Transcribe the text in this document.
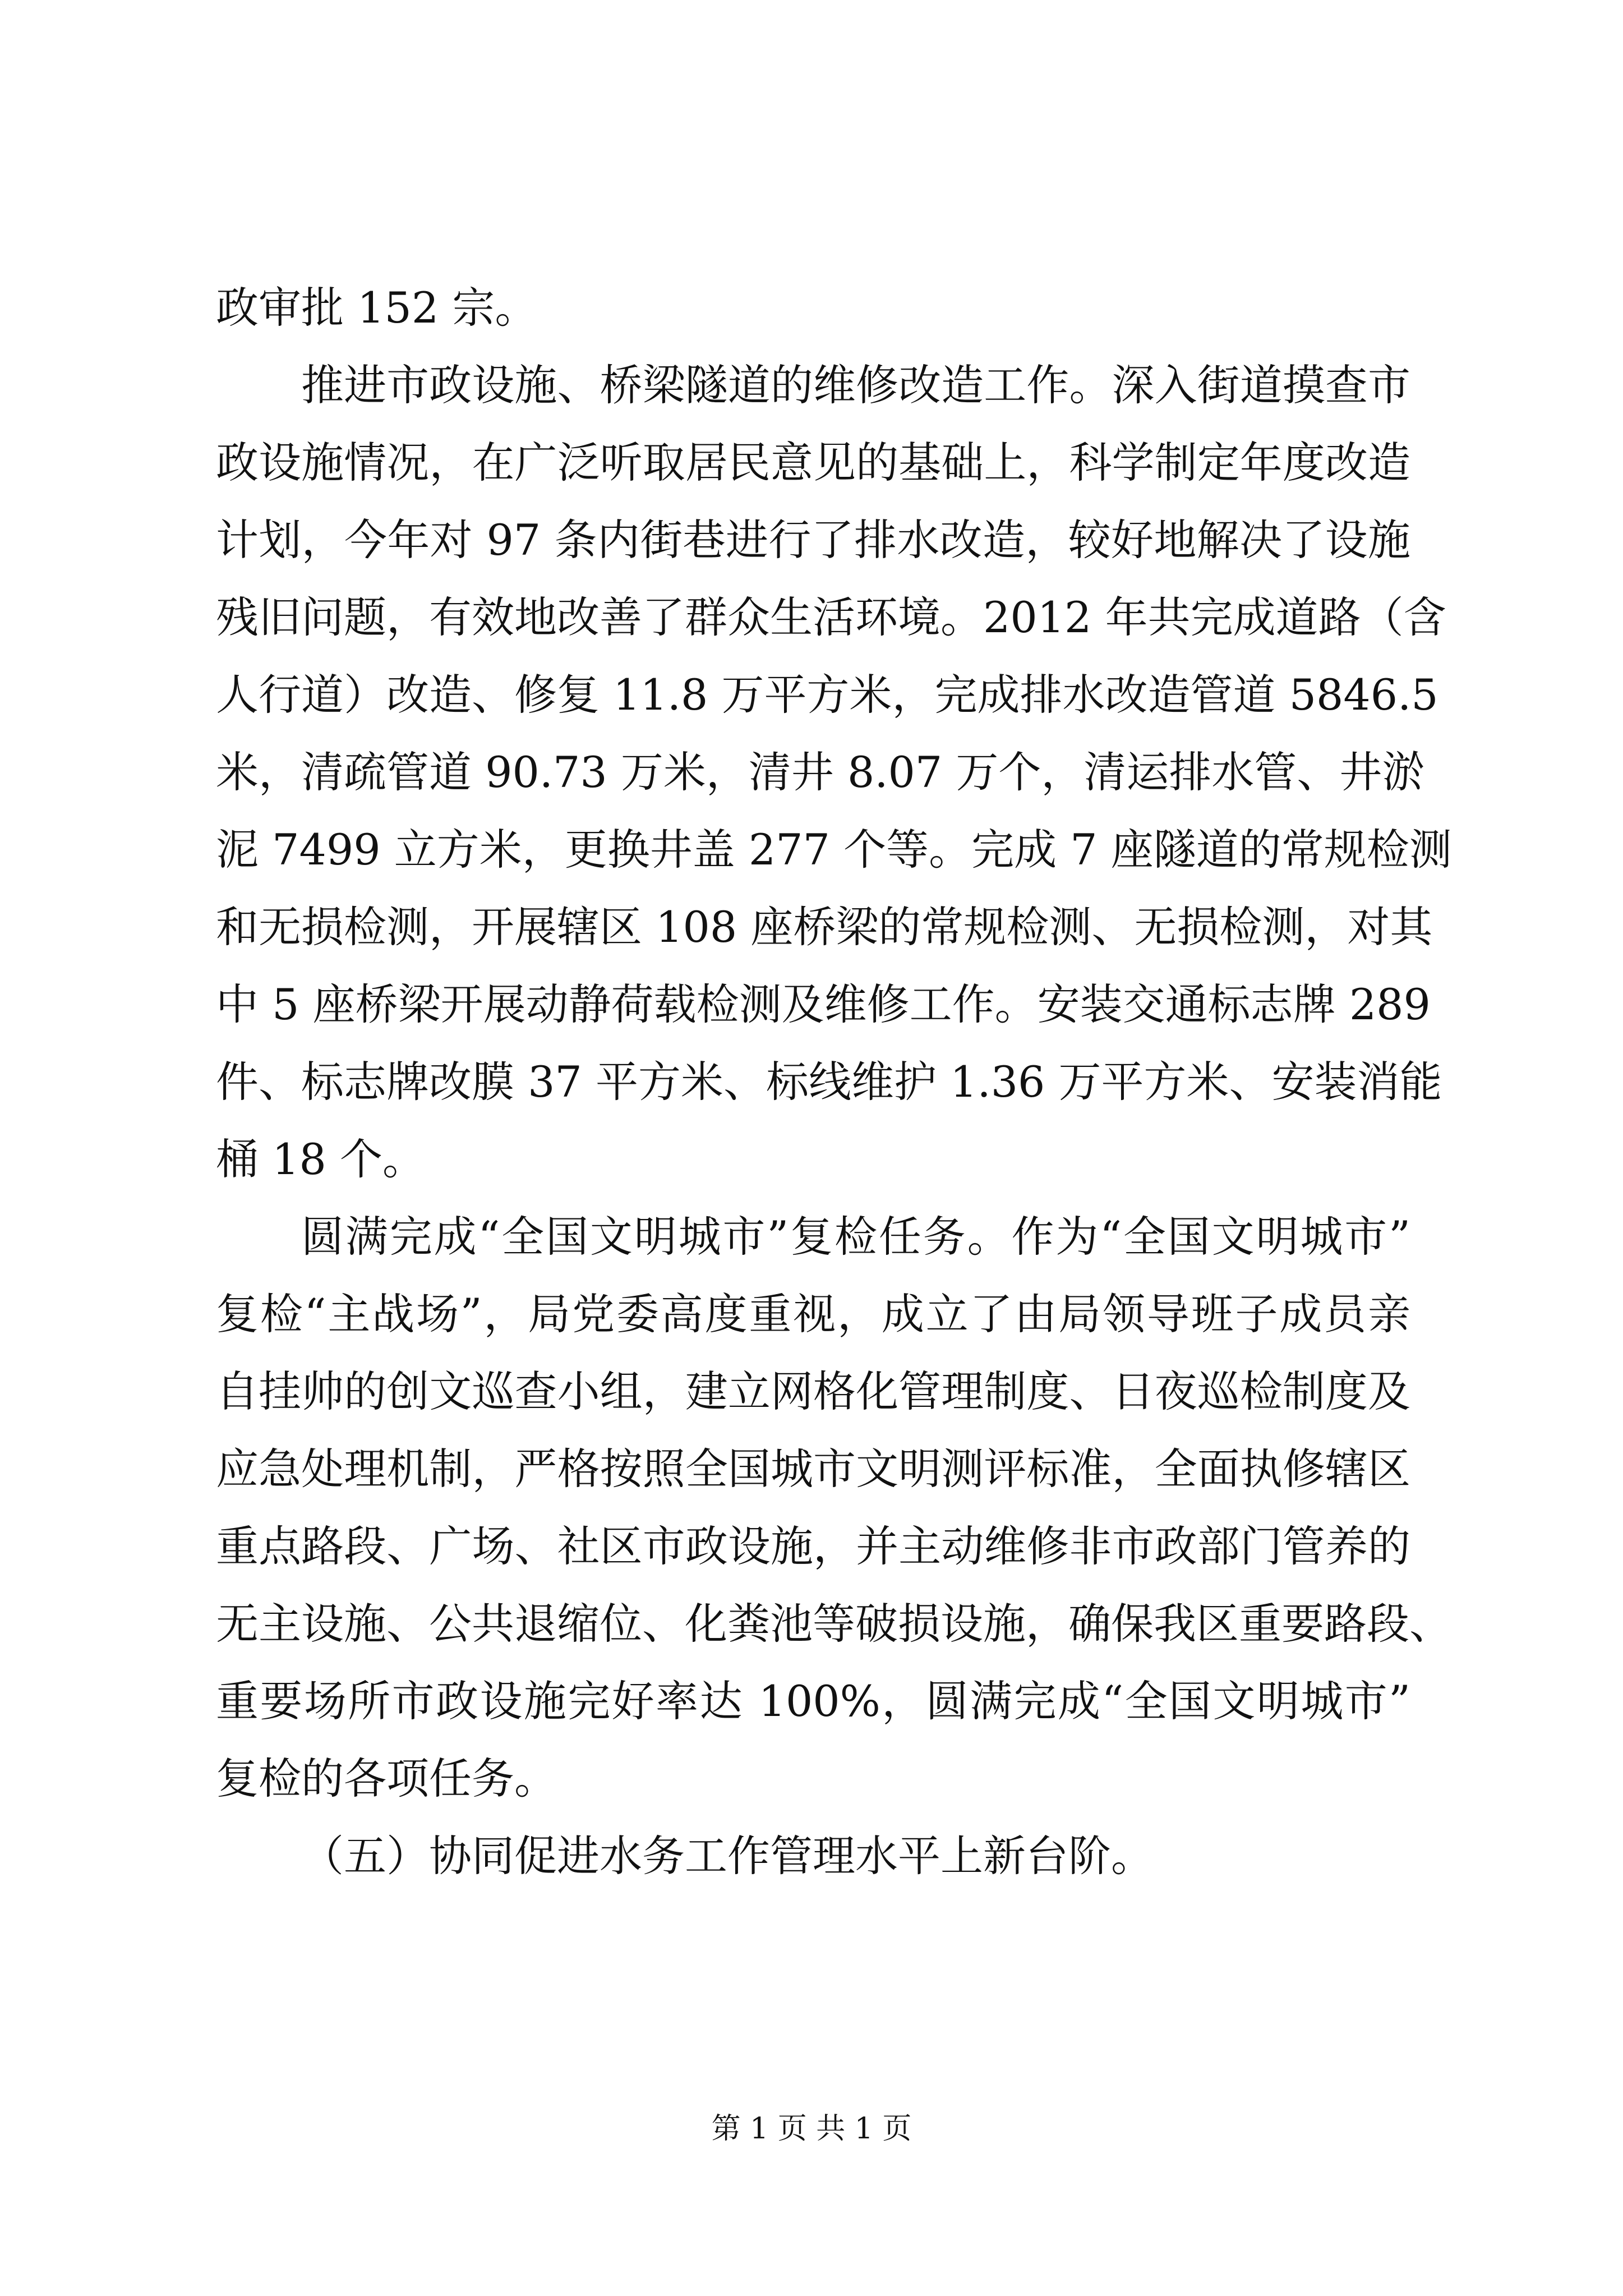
政审批 152 宗。
推进市政设施、桥梁隧道的维修改造工作。深入街道摸查市
政设施情况，在广泛听取居民意见的基础上，科学制定年度改造
计划，今年对 97 条内街巷进行了排水改造，较好地解决了设施
残旧问题，有效地改善了群众生活环境。2012 年共完成道路（含
人行道）改造、修复 11.8 万平方米，完成排水改造管道 5846.5
米，清疏管道 90.73 万米，清井 8.07 万个，清运排水管、井淤
泥 7499 立方米，更换井盖 277 个等。完成 7 座隧道的常规检测
和无损检测，开展辖区 108 座桥梁的常规检测、无损检测，对其
中 5 座桥梁开展动静荷载检测及维修工作。安装交通标志牌 289
件、标志牌改膜 37 平方米、标线维护 1.36 万平方米、安装消能
桶 18 个。
圆满完成“全国文明城市”复检任务。作为“全国文明城市”
复检“主战场”，局党委高度重视，成立了由局领导班子成员亲
自挂帅的创文巡查小组，建立网格化管理制度、日夜巡检制度及
应急处理机制，严格按照全国城市文明测评标准，全面执修辖区
重点路段、广场、社区市政设施，并主动维修非市政部门管养的
无主设施、公共退缩位、化粪池等破损设施，确保我区重要路段、
重要场所市政设施完好率达 100%，圆满完成“全国文明城市”
复检的各项任务。
（五）协同促进水务工作管理水平上新台阶。
第 1 页 共 1 页
